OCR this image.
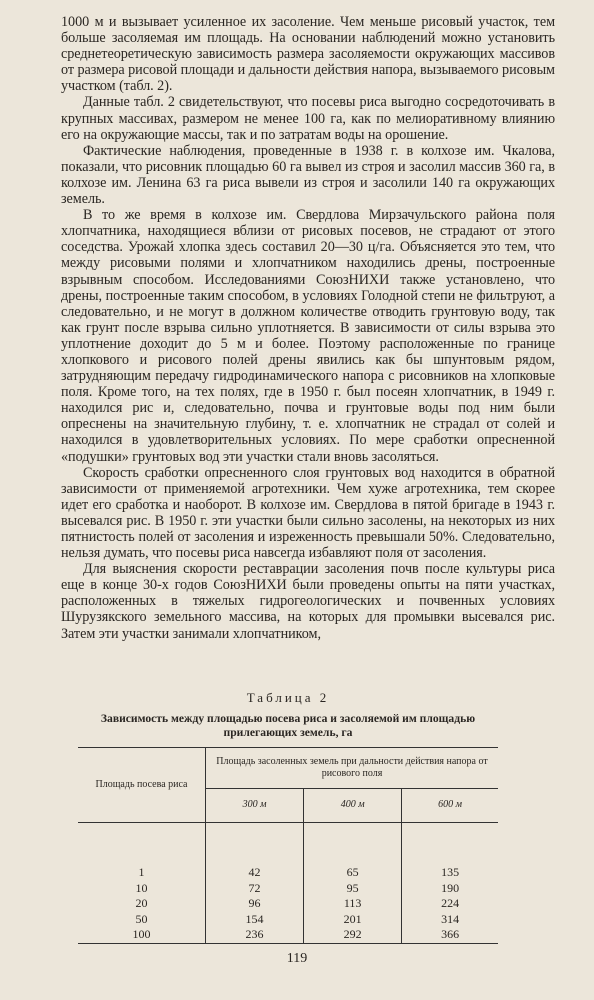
1000 м и вызывает усиленное их засоление. Чем меньше рисовый участок, тем больше засоляемая им площадь. На основании наблюдений можно установить среднетеоретическую зависимость размера засоляемости окружающих массивов от размера рисовой площади и дальности действия напора, вызываемого рисовым участком (табл. 2).

Данные табл. 2 свидетельствуют, что посевы риса выгодно сосредоточивать в крупных массивах, размером не менее 100 га, как по мелиоративному влиянию его на окружающие массы, так и по затратам воды на орошение.

Фактические наблюдения, проведенные в 1938 г. в колхозе им. Чкалова, показали, что рисовник площадью 60 га вывел из строя и засолил массив 360 га, в колхозе им. Ленина 63 га риса вывели из строя и засолили 140 га окружающих земель.

В то же время в колхозе им. Свердлова Мирзачульского района поля хлопчатника, находящиеся вблизи от рисовых посевов, не страдают от этого соседства. Урожай хлопка здесь составил 20—30 ц/га. Объясняется это тем, что между рисовыми полями и хлопчатником находились дрены, построенные взрывным способом. Исследованиями СоюзНИХИ также установлено, что дрены, построенные таким способом, в условиях Голодной степи не фильтруют, а следовательно, и не могут в должном количестве отводить грунтовую воду, так как грунт после взрыва сильно уплотняется. В зависимости от силы взрыва это уплотнение доходит до 5 м и более. Поэтому расположенные по границе хлопкового и рисового полей дрены явились как бы шпунтовым рядом, затрудняющим передачу гидродинамического напора с рисовников на хлопковые поля. Кроме того, на тех полях, где в 1950 г. был посеян хлопчатник, в 1949 г. находился рис и, следовательно, почва и грунтовые воды под ним были опреснены на значительную глубину, т. е. хлопчатник не страдал от солей и находился в удовлетворительных условиях. По мере сработки опресненной «подушки» грунтовых вод эти участки стали вновь засоляться.

Скорость сработки опресненного слоя грунтовых вод находится в обратной зависимости от применяемой агротехники. Чем хуже агротехника, тем скорее идет его сработка и наоборот. В колхозе им. Свердлова в пятой бригаде в 1943 г. высевался рис. В 1950 г. эти участки были сильно засолены, на некоторых из них пятнистость полей от засоления и изреженность превышали 50%. Следовательно, нельзя думать, что посевы риса навсегда избавляют поля от засоления.

Для выяснения скорости реставрации засоления почв после культуры риса еще в конце 30-х годов СоюзНИХИ были проведены опыты на пяти участках, расположенных в тяжелых гидрогеологических и почвенных условиях Шурузякского земельного массива, на которых для промывки высевался рис. Затем эти участки занимали хлопчатником,

Таблица 2

Зависимость между площадью посева риса и засоляемой им площадью прилегающих земель, га

Площадь посева риса	Площадь засоленных земель при дальности действия напора от рисового поля		
	300 м	400 м	600 м
1	42	65	135
10	72	95	190
20	96	113	224
50	154	201	314
100	236	292	366
119
